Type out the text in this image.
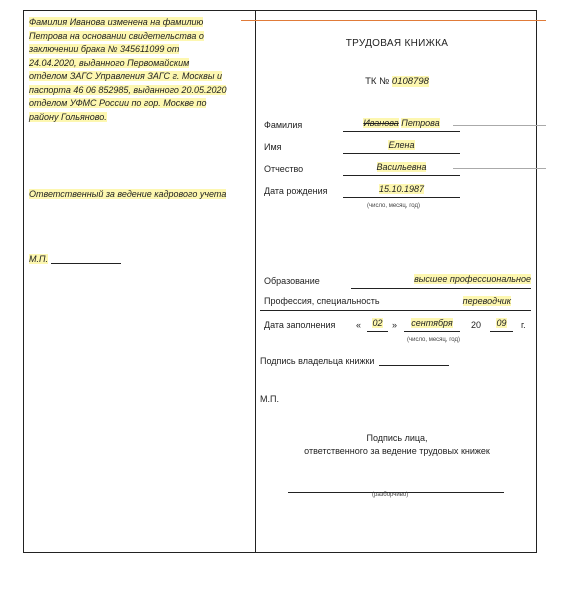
Фамилия Иванова изменена на фамилию Петрова на основании свидетельства о заключении брака № 345611099 от 24.04.2020, выданного Первомайским отделом ЗАГС Управления ЗАГС г. Москвы и паспорта 46 06 852985, выданного 20.05.2020 отделом УФМС России по гор. Москве по району Гольяново.
Ответственный за ведение кадрового учета
М.П.
ТРУДОВАЯ КНИЖКА
ТК № 0108798
Фамилия	Иванова Петрова
Имя	Елена
Отчество	Васильевна
Дата рождения	15.10.1987
(число, месяц, год)
Образование	высшее профессиональное
Профессия, специальность	переводчик
Дата заполнения «	02	»	сентября	20	09	г.
(число, месяц, год)
Подпись владельца книжки
М.П.
Подпись лица,
ответственного за ведение трудовых книжек
(разборчиво)
